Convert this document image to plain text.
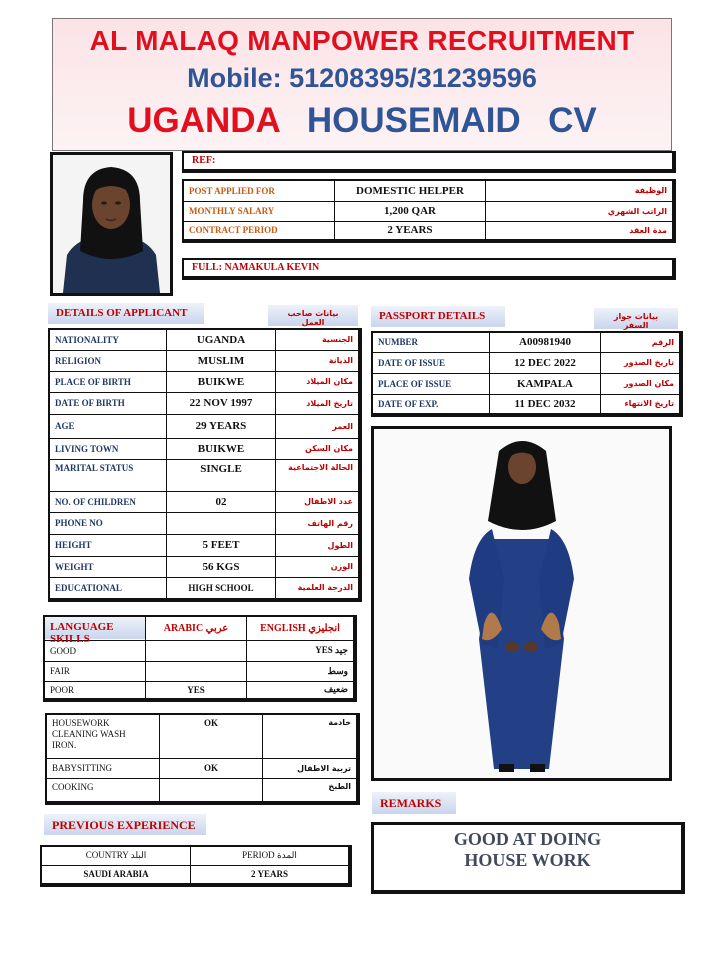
AL MALAQ MANPOWER RECRUITMENT
Mobile: 51208395/31239596
UGANDA HOUSEMAID  CV
REF:
POST APPLIED FOR	DOMESTIC HELPER	الوظيفة
MONTHLY SALARY	1,200 QAR	الراتب الشهري
CONTRACT PERIOD	2 YEARS	مدة العقد
FULL: NAMAKULA KEVIN
DETAILS OF APPLICANT	بيانات صاحب العمل
NATIONALITY	UGANDA	الجنسية
RELIGION	MUSLIM	الديانة
PLACE OF BIRTH	BUIKWE	مكان الميلاد
DATE OF BIRTH	22 NOV 1997	تاريخ الميلاد
AGE	29 YEARS	العمر
LIVING TOWN	BUIKWE	مكان السكن
MARITAL STATUS	SINGLE	الحالة الاجتماعية
NO. OF CHILDREN	02	عدد الاطفال
PHONE NO		رقم الهاتف
HEIGHT	5 FEET	الطول
WEIGHT	56 KGS	الوزن
EDUCATIONAL	HIGH SCHOOL	الدرجة العلمية
PASSPORT DETAILS	بيانات جواز السفر
NUMBER	A00981940	الرقم
DATE OF ISSUE	12 DEC 2022	تاريخ الصدور
PLACE OF ISSUE	KAMPALA	مكان الصدور
DATE OF EXP.	11 DEC 2032	تاريخ الانتهاء
LANGUAGE SKILLS	ARABIC عربي	ENGLISH انجليزي
GOOD		YES جيد
FAIR		وسط
POOR	YES	ضعيف
HOUSEWORK
CLEANING WASH
IRON.	OK	خادمة
BABYSITTING	OK	تربية الاطفال
COOKING		الطبخ
PREVIOUS EXPERIENCE
COUNTRY البلد	PERIOD المدة
SAUDI ARABIA	2 YEARS
REMARKS
GOOD AT DOING HOUSE WORK
